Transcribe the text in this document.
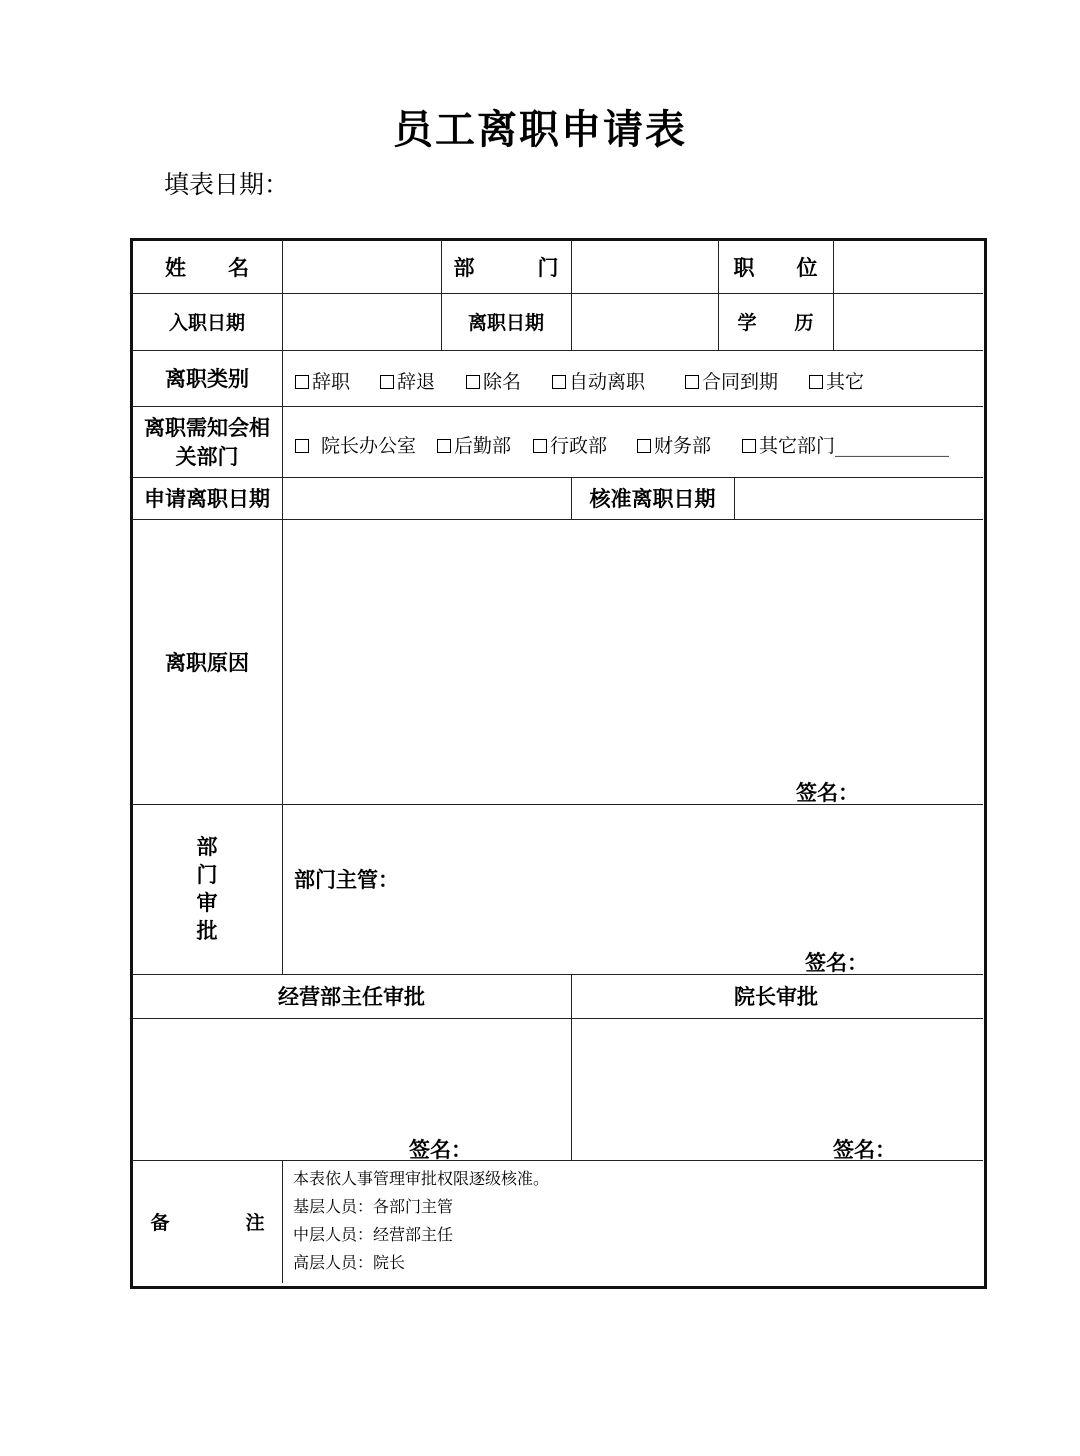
员工离职申请表
填表日期：
姓　　名	部　　　门	职　　位
入职日期	离职日期	学　　历
离职类别	辞职	辞退	除名	自动离职	合同到期	其它
离职需知会相关部门	院长办公室	后勤部	行政部	财务部	其它部门____________
申请离职日期	核准离职日期
离职原因
签名：
部
门
审
批
部门主管：
签名：
经营部主任审批	院长审批
签名：	签名：
备　　　　注
本表依人事管理审批权限逐级核准。
基层人员：各部门主管
中层人员：经营部主任
高层人员：院长
